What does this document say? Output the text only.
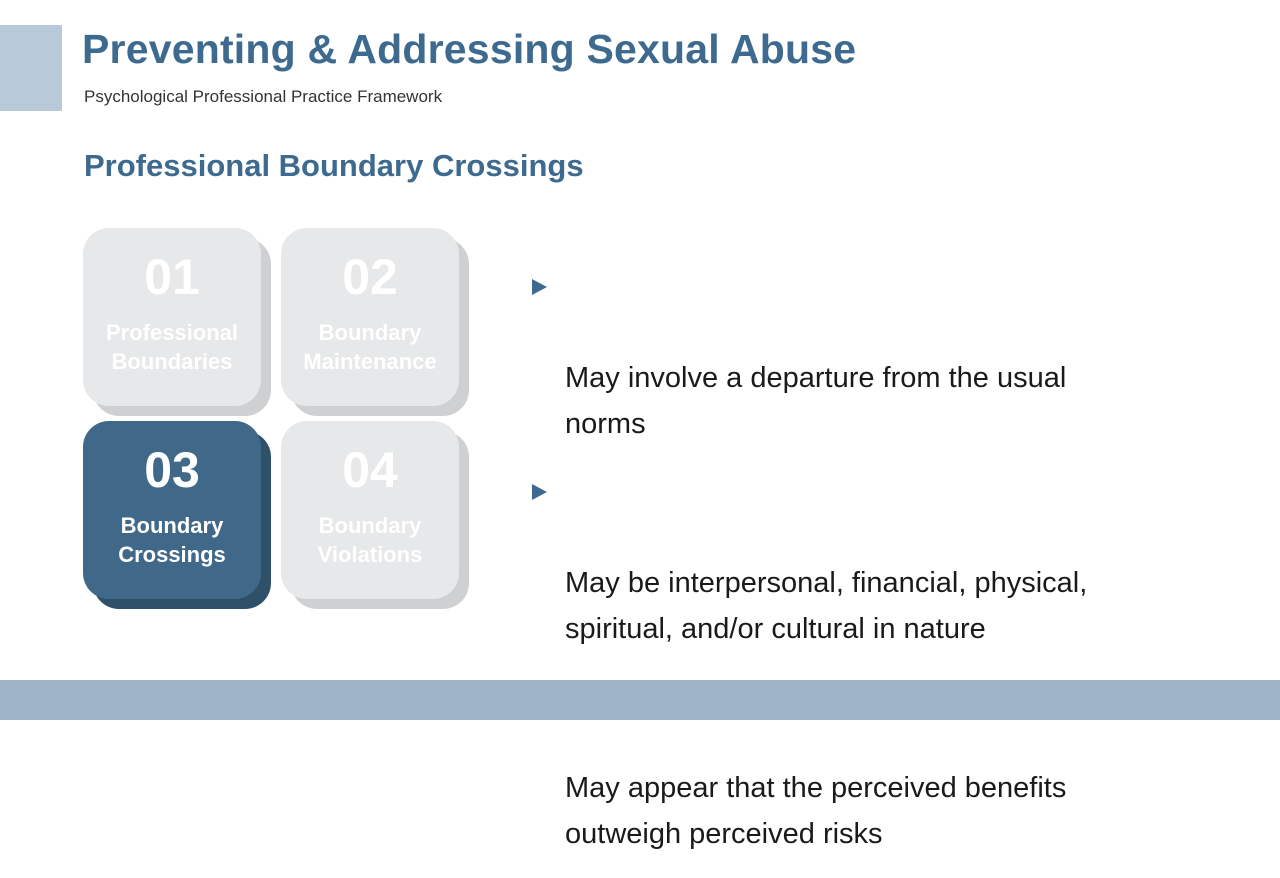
Preventing & Addressing Sexual Abuse
Psychological Professional Practice Framework
Professional Boundary Crossings
01
Professional
Boundaries
02
Boundary
Maintenance
03
Boundary
Crossings
04
Boundary
Violations

May involve a departure from the usual
norms

May be interpersonal, financial, physical,
spiritual, and/or cultural in nature

May appear that the perceived benefits
outweigh perceived risks
